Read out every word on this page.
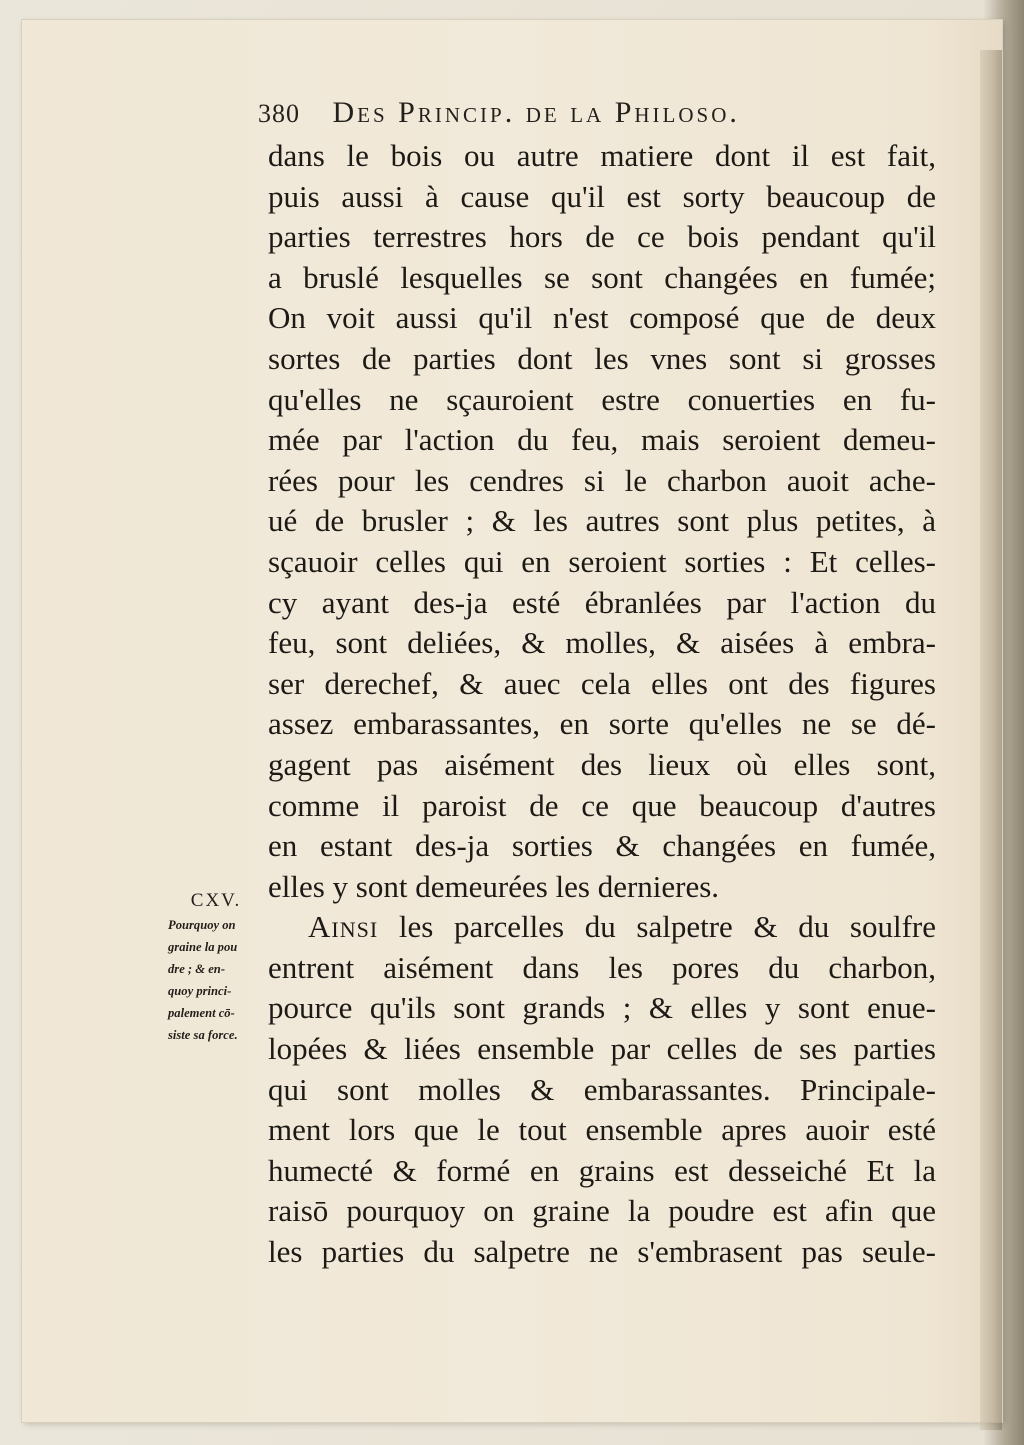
380 Des Princip. de la Philoso.
CXV.
Pourquoy on
graine la pou
dre ; & en-
quoy princi-
palement cō-
siste sa force.
dans le bois ou autre matiere dont il est fait,
puis aussi à cause qu'il est sorty beaucoup de
parties terrestres hors de ce bois pendant qu'il
a bruslé lesquelles se sont changées en fumée;
On voit aussi qu'il n'est composé que de deux
sortes de parties dont les vnes sont si grosses
qu'elles ne sçauroient estre conuerties en fu-
mée par l'action du feu, mais seroient demeu-
rées pour les cendres si le charbon auoit ache-
ué de brusler ; & les autres sont plus petites, à
sçauoir celles qui en seroient sorties : Et celles-
cy ayant des-ja esté ébranlées par l'action du
feu, sont deliées, & molles, & aisées à embra-
ser derechef, & auec cela elles ont des figures
assez embarassantes, en sorte qu'elles ne se dé-
gagent pas aisément des lieux où elles sont,
comme il paroist de ce que beaucoup d'autres
en estant des-ja sorties & changées en fumée,
elles y sont demeurées les dernieres.
Ainsi les parcelles du salpetre & du soulfre
entrent aisément dans les pores du charbon,
pource qu'ils sont grands ; & elles y sont enue-
lopées & liées ensemble par celles de ses parties
qui sont molles & embarassantes. Principale-
ment lors que le tout ensemble apres auoir esté
humecté & formé en grains est desseiché Et la
raisō pourquoy on graine la poudre est afin que
les parties du salpetre ne s'embrasent pas seule-
